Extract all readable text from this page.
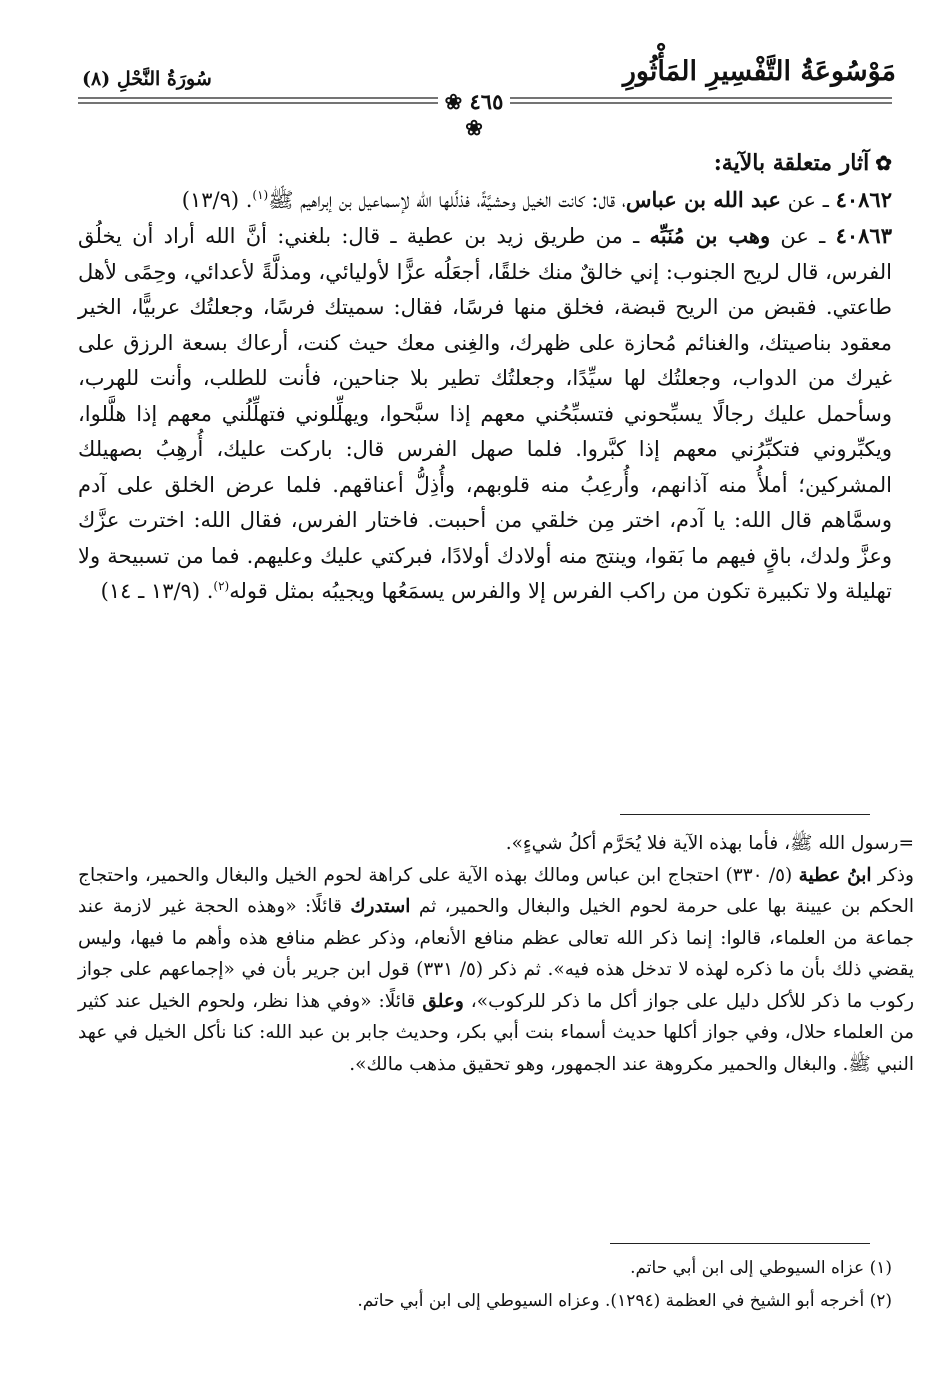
مَوْسُوعَةُ التَّفْسِيرِ المَأْثُورِ
سُورَةُ النَّحْلِ (٨)
❀ ٤٦٥ ❀

✿آثار متعلقة بالآية:

٤٠٨٦٢ ـ عن عبد الله بن عباس، قال: كانت الخيل وحشيَّةً، فذلَّلها الله لإسماعيل بن إبراهيم ﷺ$^{(١)}$. (١٣/٩)

٤٠٨٦٣ ـ عن وهب بن مُنَبِّه ـ من طريق زيد بن عطية ـ قال: بلغني: أنَّ الله أراد أن يخلُق الفرس، قال لريح الجنوب: إني خالقٌ منك خلقًا، أجعَلُه عزًّا لأوليائي، ومذلَّةً لأعدائي، وحِمًى لأهل طاعتي. فقبض من الريح قبضة، فخلق منها فرسًا، فقال: سميتك فرسًا، وجعلتُك عربيًّا، الخير معقود بناصيتك، والغنائم مُحازة على ظهرك، والغِنى معك حيث كنت، أرعاك بسعة الرزق على غيرك من الدواب، وجعلتُك لها سيِّدًا، وجعلتُك تطير بلا جناحين، فأنت للطلب، وأنت للهرب، وسأحمل عليك رجالًا يسبِّحوني فتسبِّحُني معهم إذا سبَّحوا، ويهلِّلوني فتهلِّلُني معهم إذا هلَّلوا، ويكبِّروني فتكبِّرُني معهم إذا كبَّروا. فلما صهل الفرس قال: باركت عليك، أُرهِبُ بصهيلك المشركين؛ أملأُ منه آذانهم، وأُرعِبُ منه قلوبهم، وأُذِلُّ أعناقهم. فلما عرض الخلق على آدم وسمَّاهم قال الله: يا آدم، اختر مِن خلقي من أحببت. فاختار الفرس، فقال الله: اخترت عزَّك وعزَّ ولدك، باقٍ فيهم ما بَقوا، وينتج منه أولادك أولادًا، فبركتي عليك وعليهم. فما من تسبيحة ولا تهليلة ولا تكبيرة تكون من راكب الفرس إلا والفرس يسمَعُها ويجيبُه بمثل قوله$^{(٢)}$. (١٣/٩ ـ ١٤)

=رسول الله ﷺ، فأما بهذه الآية فلا يُحَرَّم أكلُ شيءٍ».

وذكر ابنُ عطية (٥/ ٣٣٠) احتجاج ابن عباس ومالك بهذه الآية على كراهة لحوم الخيل والبغال والحمير، واحتجاج الحكم بن عيينة بها على حرمة لحوم الخيل والبغال والحمير، ثم استدرك قائلًا: «وهذه الحجة غير لازمة عند جماعة من العلماء، قالوا: إنما ذكر الله تعالى عظم منافع الأنعام، وذكر عظم منافع هذه وأهم ما فيها، وليس يقضي ذلك بأن ما ذكره لهذه لا تدخل هذه فيه». ثم ذكر (٥/ ٣٣١) قول ابن جرير بأن في «إجماعهم على جواز ركوب ما ذكر للأكل دليل على جواز أكل ما ذكر للركوب»، وعلق قائلًا: «وفي هذا نظر، ولحوم الخيل عند كثير من العلماء حلال، وفي جواز أكلها حديث أسماء بنت أبي بكر، وحديث جابر بن عبد الله: كنا نأكل الخيل في عهد النبي ﷺ. والبغال والحمير مكروهة عند الجمهور، وهو تحقيق مذهب مالك».

(١) عزاه السيوطي إلى ابن أبي حاتم.

(٢) أخرجه أبو الشيخ في العظمة (١٢٩٤). وعزاه السيوطي إلى ابن أبي حاتم.
